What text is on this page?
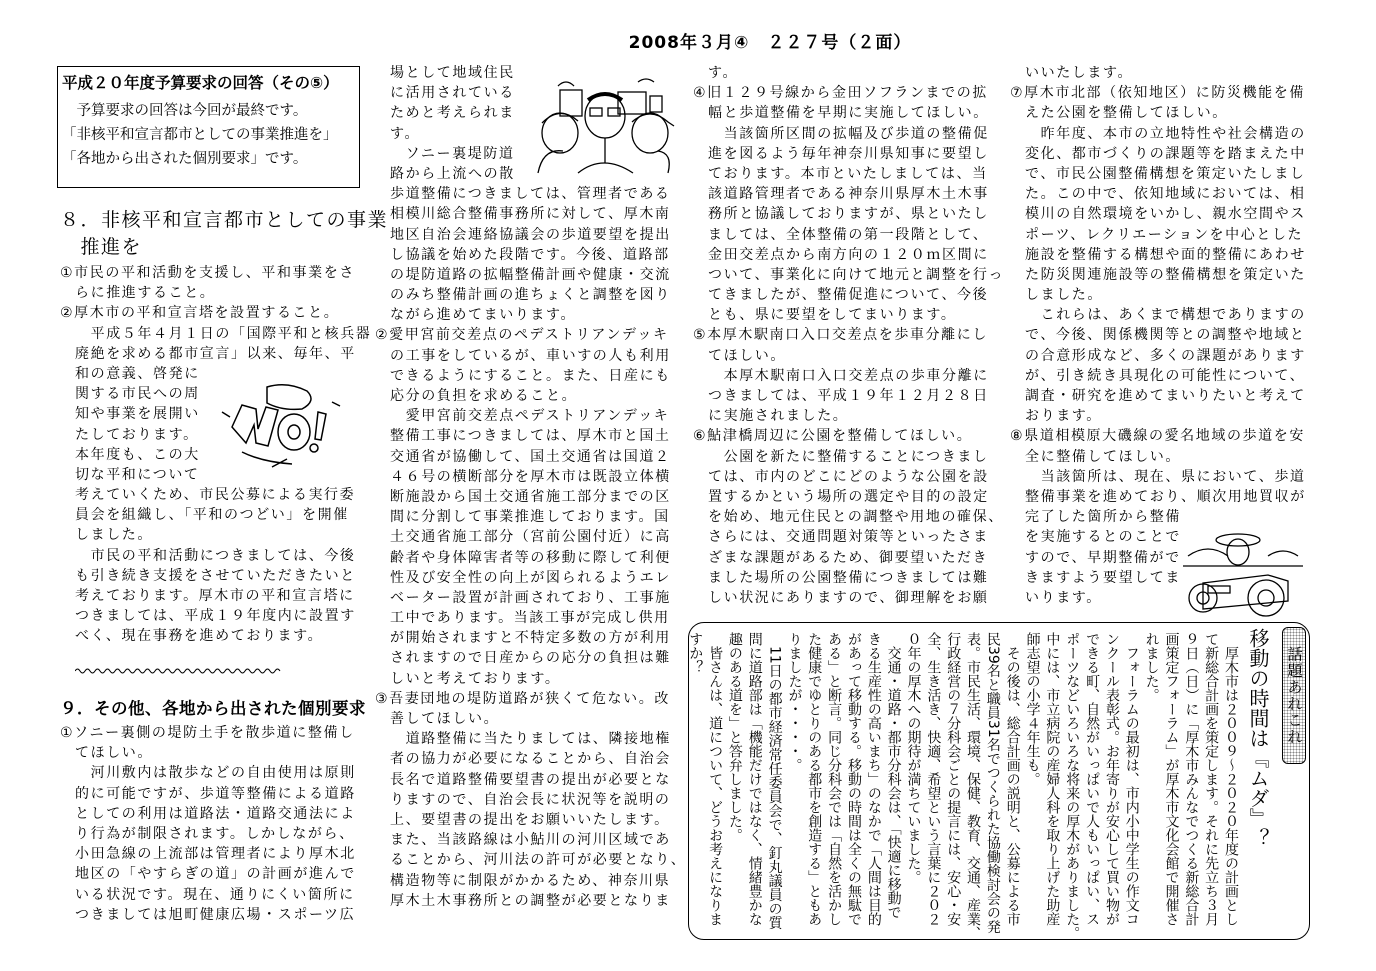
2008年３月④　２２７号（２面）
平成２０年度予算要求の回答（その⑤）
　予算要求の回答は今回が最終です。
「非核平和宣言都市としての事業推進を」
「各地から出された個別要求」です。
８．非核平和宣言都市としての事業
　推進を
①市民の平和活動を支援し、平和事業をさ
らに推進すること。
②厚木市の平和宣言塔を設置すること。
　平成５年４月１日の「国際平和と核兵器
廃絶を求める都市宣言」以来、毎年、平
和の意義、啓発に
関する市民への周
知や事業を展開い
たしております。
本年度も、この大
切な平和について
考えていくため、市民公募による実行委
員会を組織し、「平和のつどい」を開催
しました。
　市民の平和活動につきましては、今後
も引き続き支援をさせていただきたいと
考えております。厚木市の平和宣言塔に
つきましては、平成１９年度内に設置す
べく、現在事務を進めております。
９．その他、各地から出された個別要求
①ソニー裏側の堤防土手を散歩道に整備し
てほしい。
　河川敷内は散歩などの自由使用は原則
的に可能ですが、歩道等整備による道路
としての利用は道路法・道路交通法によ
り行為が制限されます。しかしながら、
小田急線の上流部は管理者により厚木北
地区の「やすらぎの道」の計画が進んで
いる状況です。現在、通りにくい箇所に
つきましては旭町健康広場・スポーツ広
場として地域住民
に活用されている
ためと考えられま
す。
　ソニー裏堤防道
路から上流への散
歩道整備につきましては、管理者である
相模川総合整備事務所に対して、厚木南
地区自治会連絡協議会の歩道要望を提出
し協議を始めた段階です。今後、道路部
の堤防道路の拡幅整備計画や健康・交流
のみち整備計画の進ちょくと調整を図り
ながら進めてまいります。
②愛甲宮前交差点のペデストリアンデッキ
の工事をしているが、車いすの人も利用
できるようにすること。また、日産にも
応分の負担を求めること。
　愛甲宮前交差点ペデストリアンデッキ
整備工事につきましては、厚木市と国土
交通省が協働して、国土交通省は国道２
４６号の横断部分を厚木市は既設立体横
断施設から国土交通省施工部分までの区
間に分割して事業推進しております。国
土交通省施工部分（宮前公園付近）に高
齢者や身体障害者等の移動に際して利便
性及び安全性の向上が図られるようエレ
ベーター設置が計画されており、工事施
工中であります。当該工事が完成し供用
が開始されますと不特定多数の方が利用
されますので日産からの応分の負担は難
しいと考えております。
③吾妻団地の堤防道路が狭くて危ない。改
善してほしい。
　道路整備に当たりましては、隣接地権
者の協力が必要になることから、自治会
長名で道路整備要望書の提出が必要とな
りますので、自治会長に状況等を説明の
上、要望書の提出をお願いいたします。
また、当該路線は小鮎川の河川区域であ
ることから、河川法の許可が必要となり、
構造物等に制限がかかるため、神奈川県
厚木土木事務所との調整が必要となりま
す。
④旧１２９号線から金田ソフランまでの拡
幅と歩道整備を早期に実施してほしい。
　当該箇所区間の拡幅及び歩道の整備促
進を図るよう毎年神奈川県知事に要望し
ております。本市といたしましては、当
該道路管理者である神奈川県厚木土木事
務所と協議しておりますが、県といたし
ましては、全体整備の第一段階として、
金田交差点から南方向の１２０ｍ区間に
ついて、事業化に向けて地元と調整を行っ
てきましたが、整備促進について、今後
とも、県に要望をしてまいります。
⑤本厚木駅南口入口交差点を歩車分離にし
てほしい。
　本厚木駅南口入口交差点の歩車分離に
つきましては、平成１９年１２月２８日
に実施されました。
⑥鮎津橋周辺に公園を整備してほしい。
　公園を新たに整備することにつきまし
ては、市内のどこにどのような公園を設
置するかという場所の選定や目的の設定
を始め、地元住民との調整や用地の確保、
さらには、交通問題対策等といったさま
ざまな課題があるため、御要望いただき
ました場所の公園整備につきましては難
しい状況にありますので、御理解をお願
いいたします。
⑦厚木市北部（依知地区）に防災機能を備
えた公園を整備してほしい。
　昨年度、本市の立地特性や社会構造の
変化、都市づくりの課題等を踏まえた中
で、市民公園整備構想を策定いたしまし
た。この中で、依知地域においては、相
模川の自然環境をいかし、親水空間やス
ポーツ、レクリエーションを中心とした
施設を整備する構想や面的整備にあわせ
た防災関連施設等の整備構想を策定いた
しました。
　これらは、あくまで構想でありますの
で、今後、関係機関等との調整や地域と
の合意形成など、多くの課題があります
が、引き続き具現化の可能性について、
調査・研究を進めてまいりたいと考えて
おります。
⑧県道相模原大磯線の愛名地域の歩道を安
全に整備してほしい。
　当該箇所は、現在、県において、歩道
整備事業を進めており、順次用地買収が
完了した箇所から整備
を実施するとのことで
すので、早期整備がで
きますよう要望してま
いります。
話題あれこれ
移動の時間は『ムダ』？
　厚木市は２００９～２０２０年度の計画とし
て新総合計画を策定します。それに先立ち３月
９日（日）に「厚木市みんなでつくる新総合計
画策定フォーラム」が厚木市文化会館で開催さ
れました。
　フォーラムの最初は、市内小中学生の作文コ
ンクール表彰式。お年寄りが安心して買い物が
できる町、自然がいっぱいで人もいっぱい、ス
ポーツなどいろいろな将来の厚木がありました。
中には、市立病院の産婦人科を取り上げた助産
師志望の小学４年生も。
　その後は、総合計画の説明と、公募による市
民39名と職員31名でつくられた協働検討会の発
表。市民生活、環境、保健、教育、交通、産業、
行政経営の７分科会ごとの提言には、安心・安
全、生き活き、快適、希望という言葉に２０２
０年の厚木への期待が満ちていました。
　交通・道路・都市分科会は、「快適に移動で
きる生産性の高いまち」のなかで「人間は目的
があって移動する。移動の時間は全くの無駄で
ある」と断言。同じ分科会では「自然を活かし
た健康でゆとりのある都市を創造する」ともあ
りましたが・・・・。
　11日の都市経済常任委員会で、釘丸議員の質
問に道路部は「機能だけではなく、情緒豊かな
趣のある道を」と答弁しました。
　皆さんは、道について、どうお考えになりま
すか？
